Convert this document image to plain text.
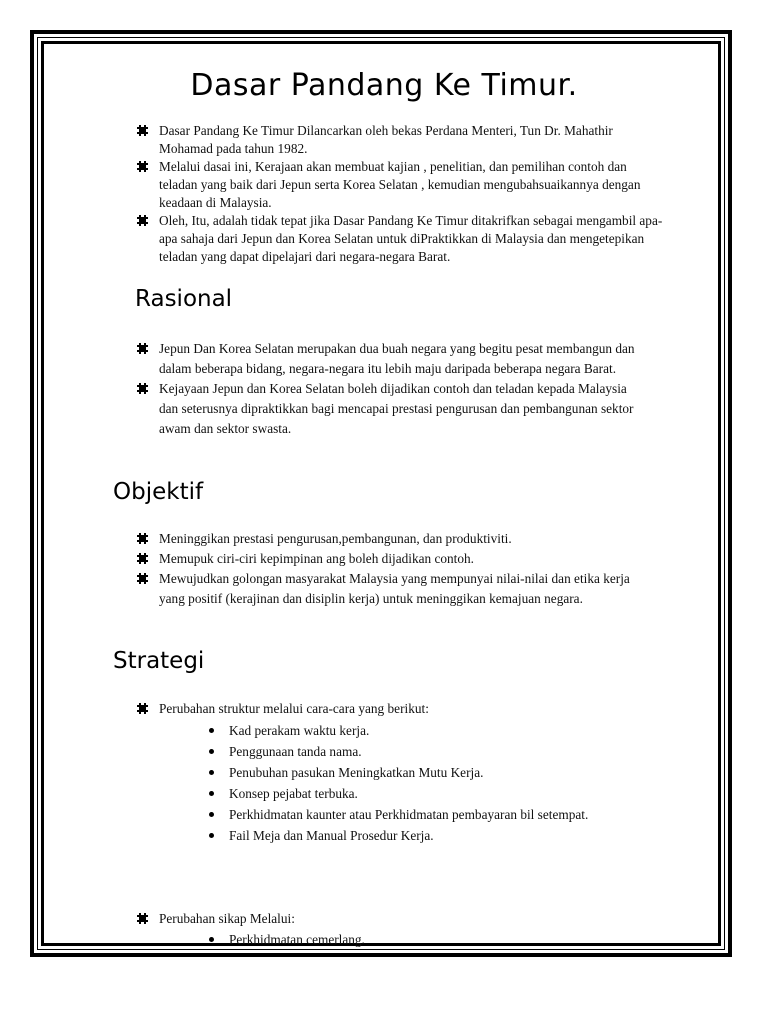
Dasar Pandang Ke Timur.
Dasar Pandang Ke Timur Dilancarkan oleh bekas Perdana Menteri, Tun Dr. Mahathir Mohamad pada tahun 1982.
Melalui dasai ini, Kerajaan akan membuat kajian , penelitian, dan pemilihan contoh dan teladan yang baik dari Jepun serta Korea Selatan , kemudian mengubahsuaikannya dengan keadaan di Malaysia.
Oleh, Itu, adalah tidak tepat jika Dasar Pandang Ke Timur ditakrifkan sebagai mengambil apa-apa sahaja dari Jepun dan Korea Selatan untuk diPraktikkan di Malaysia dan mengetepikan teladan yang dapat dipelajari dari negara-negara Barat.
Rasional
Jepun Dan Korea Selatan merupakan dua buah negara yang begitu pesat membangun dan dalam beberapa bidang, negara-negara itu lebih maju daripada beberapa negara Barat.
Kejayaan Jepun dan Korea Selatan boleh dijadikan contoh dan teladan kepada Malaysia dan seterusnya dipraktikkan bagi mencapai prestasi pengurusan dan pembangunan sektor awam dan sektor swasta.
Objektif
Meninggikan prestasi pengurusan,pembangunan, dan produktiviti.
Memupuk ciri-ciri kepimpinan ang boleh dijadikan contoh.
Mewujudkan golongan masyarakat Malaysia yang mempunyai nilai-nilai dan etika kerja yang positif (kerajinan dan disiplin kerja) untuk meninggikan kemajuan negara.
Strategi
Perubahan struktur melalui cara-cara yang berikut:
Kad perakam waktu kerja.
Penggunaan tanda nama.
Penubuhan pasukan Meningkatkan Mutu Kerja.
Konsep pejabat terbuka.
Perkhidmatan kaunter atau Perkhidmatan pembayaran bil setempat.
Fail Meja dan Manual Prosedur Kerja.
Perubahan sikap Melalui:
Perkhidmatan cemerlang.
